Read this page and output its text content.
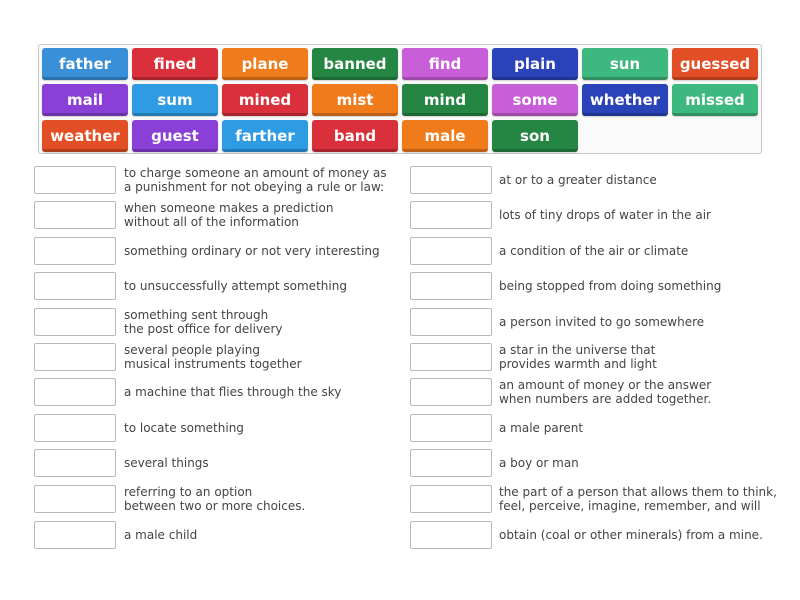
father	fined	plane	banned	find	plain	sun	guessed
mail	sum	mined	mist	mind	some	whether	missed
weather	guest	farther	band	male	son
to charge someone an amount of money as
a punishment for not obeying a rule or law:
when someone makes a prediction
without all of the information
something ordinary or not very interesting
to unsuccessfully attempt something
something sent through
the post office for delivery
several people playing
musical instruments together
a machine that flies through the sky
to locate something
several things
referring to an option
between two or more choices.
a male child
at or to a greater distance
lots of tiny drops of water in the air
a condition of the air or climate
being stopped from doing something
a person invited to go somewhere
a star in the universe that
provides warmth and light
an amount of money or the answer
when numbers are added together.
a male parent
a boy or man
the part of a person that allows them to think,
feel, perceive, imagine, remember, and will
obtain (coal or other minerals) from a mine.
